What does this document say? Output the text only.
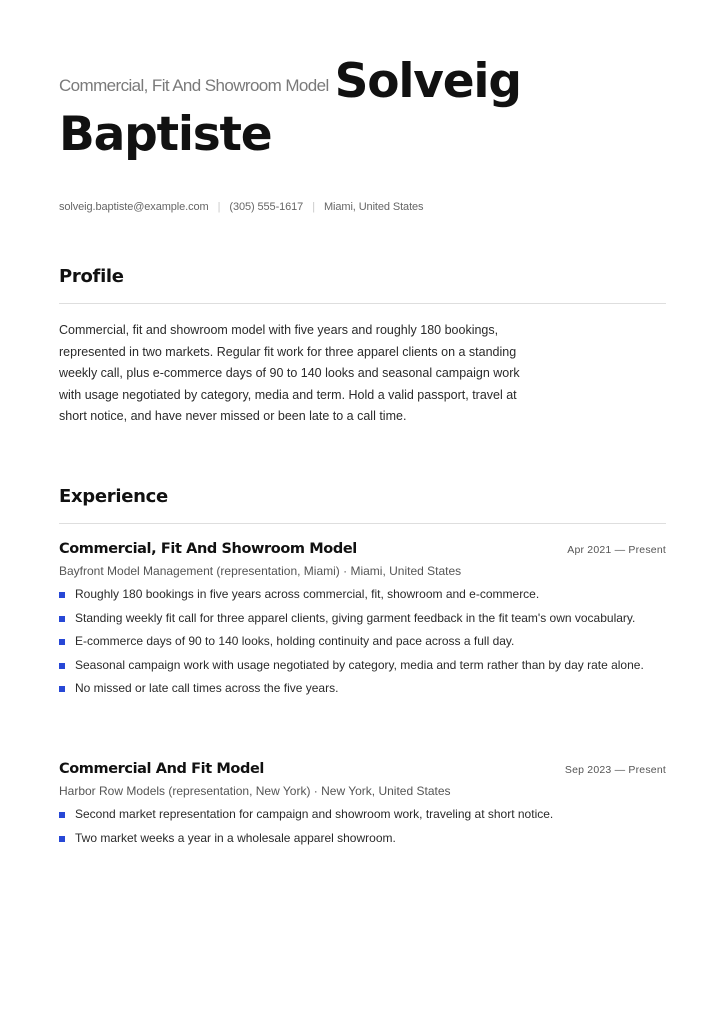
Commercial, Fit And Showroom Model Solveig
Baptiste
solveig.baptiste@example.com | (305) 555-1617 | Miami, United States
Profile
Commercial, fit and showroom model with five years and roughly 180 bookings, represented in two markets. Regular fit work for three apparel clients on a standing weekly call, plus e-commerce days of 90 to 140 looks and seasonal campaign work with usage negotiated by category, media and term. Hold a valid passport, travel at short notice, and have never missed or been late to a call time.
Experience
Commercial, Fit And Showroom Model	Apr 2021 — Present
Bayfront Model Management (representation, Miami) · Miami, United States
Roughly 180 bookings in five years across commercial, fit, showroom and e-commerce.
Standing weekly fit call for three apparel clients, giving garment feedback in the fit team's own vocabulary.
E-commerce days of 90 to 140 looks, holding continuity and pace across a full day.
Seasonal campaign work with usage negotiated by category, media and term rather than by day rate alone.
No missed or late call times across the five years.
Commercial And Fit Model	Sep 2023 — Present
Harbor Row Models (representation, New York) · New York, United States
Second market representation for campaign and showroom work, traveling at short notice.
Two market weeks a year in a wholesale apparel showroom.
